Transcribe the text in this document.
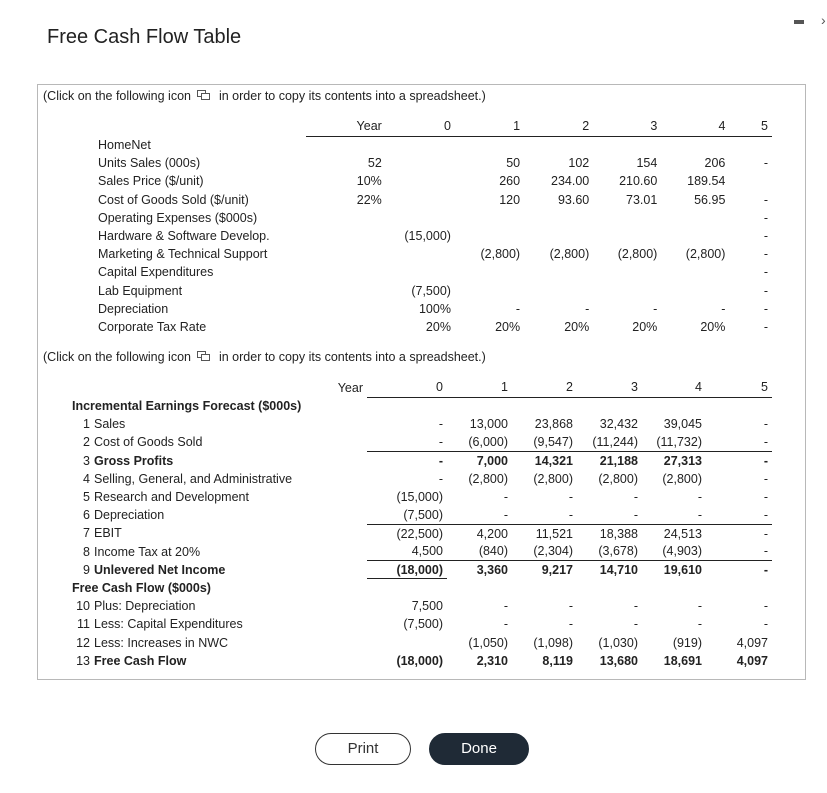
Free Cash Flow Table
›
(Click on the following icon in order to copy its contents into a spreadsheet.)
	Year	0	1	2	3	4	5
HomeNet							
Units Sales (000s)	52		50	102	154	206	-
Sales Price ($/unit)	10%		260	234.00	210.60	189.54	
Cost of Goods Sold ($/unit)	22%		120	93.60	73.01	56.95	-
Operating Expenses ($000s)							-
Hardware & Software Develop.		(15,000)					-
Marketing & Technical Support			(2,800)	(2,800)	(2,800)	(2,800)	-
Capital Expenditures							-
Lab Equipment		(7,500)					-
Depreciation		100%	-	-	-	-	-
Corporate Tax Rate		20%	20%	20%	20%	20%	-
(Click on the following icon in order to copy its contents into a spreadsheet.)
	Year	0	1	2	3	4	5
Incremental Earnings Forecast ($000s)							
1	Sales	-	13,000	23,868	32,432	39,045	-
2	Cost of Goods Sold	-	(6,000)	(9,547)	(11,244)	(11,732)	-
3	Gross Profits	-	7,000	14,321	21,188	27,313	-
4	Selling, General, and Administrative	-	(2,800)	(2,800)	(2,800)	(2,800)	-
5	Research and Development	(15,000)	-	-	-	-	-
6	Depreciation	(7,500)	-	-	-	-	-
7	EBIT	(22,500)	4,200	11,521	18,388	24,513	-
8	Income Tax at 20%	4,500	(840)	(2,304)	(3,678)	(4,903)	-
9	Unlevered Net Income	(18,000)	3,360	9,217	14,710	19,610	-
Free Cash Flow ($000s)							
10	Plus: Depreciation	7,500	-	-	-	-	-
11	Less: Capital Expenditures	(7,500)	-	-	-	-	-
12	Less: Increases in NWC		(1,050)	(1,098)	(1,030)	(919)	4,097
13	Free Cash Flow	(18,000)	2,310	8,119	13,680	18,691	4,097
Print	Done
